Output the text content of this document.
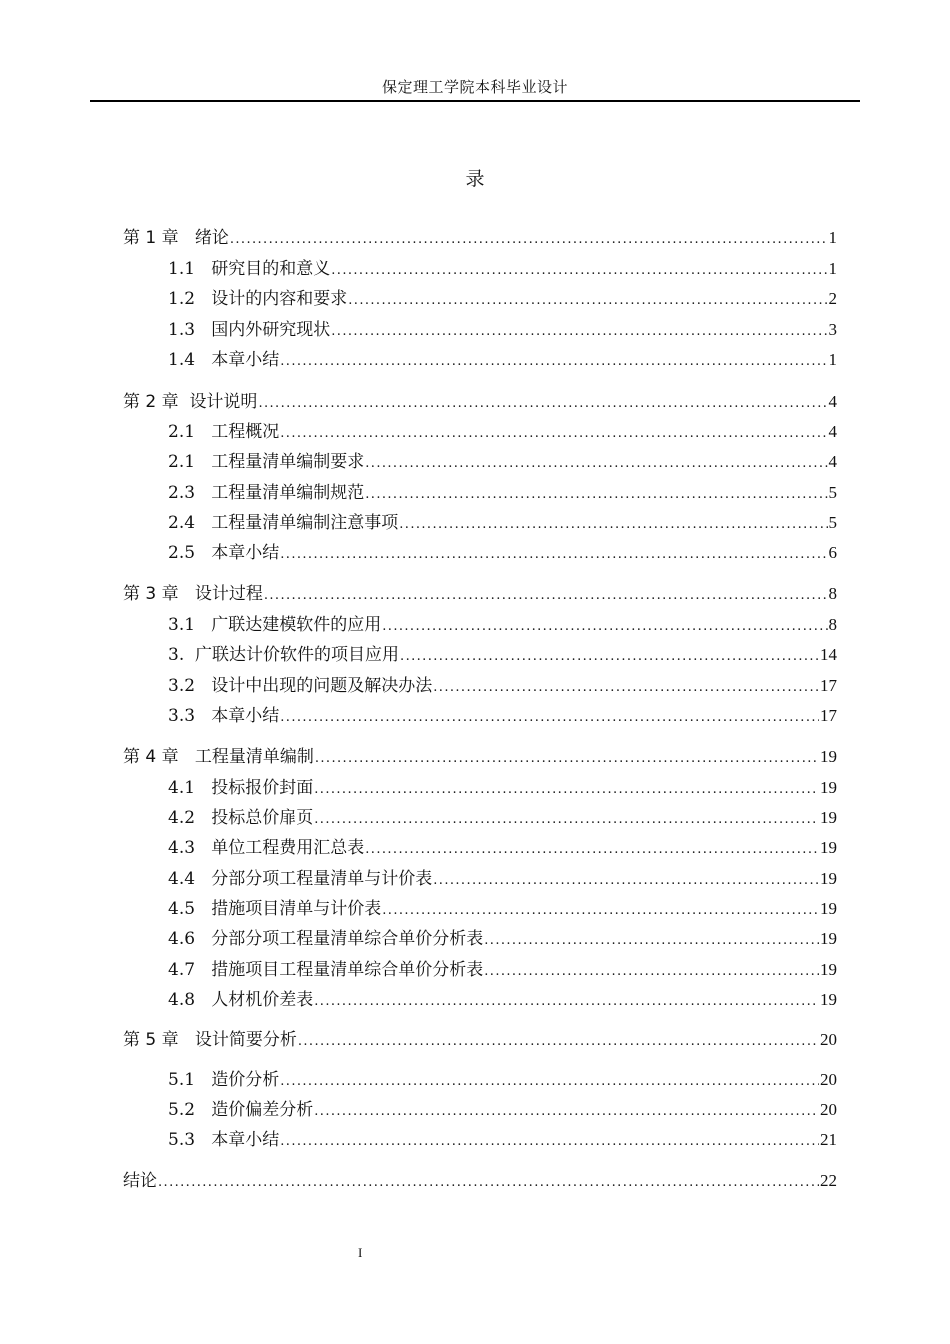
保定理工学院本科毕业设计
录
第 1 章 绪论 .....	1
1.1 研究目的和意义 .....	1
1.2 设计的内容和要求 .....	2
1.3 国内外研究现状 .....	3
1.4 本章小结 .....	1
第 2 章 设计说明 .....	4
2.1 工程概况 .....	4
2.1 工程量清单编制要求 .....	4
2.3 工程量清单编制规范 .....	5
2.4 工程量清单编制注意事项 .....	5
2.5 本章小结 .....	6
第 3 章 设计过程 .....	8
3.1 广联达建模软件的应用 .....	8
3. 广联达计价软件的项目应用 .....	14
3.2 设计中出现的问题及解决办法 .....	17
3.3 本章小结 .....	17
第 4 章 工程量清单编制 .....	19
4.1 投标报价封面 .....	19
4.2 投标总价扉页 .....	19
4.3 单位工程费用汇总表 .....	19
4.4 分部分项工程量清单与计价表 .....	19
4.5 措施项目清单与计价表 .....	19
4.6 分部分项工程量清单综合单价分析表 .....	19
4.7 措施项目工程量清单综合单价分析表 .....	19
4.8 人材机价差表 .....	19
第 5 章 设计简要分析 .....	20
5.1 造价分析 .....	20
5.2 造价偏差分析 .....	20
5.3 本章小结 .....	21
结论 .....	22
I
